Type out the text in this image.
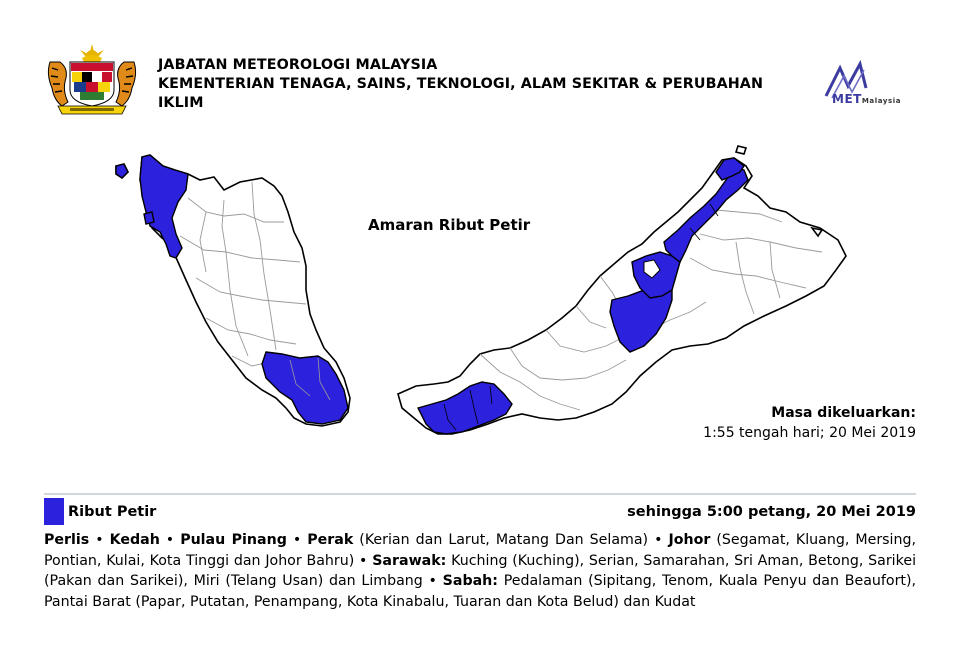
JABATAN METEOROLOGI MALAYSIA
KEMENTERIAN TENAGA, SAINS, TEKNOLOGI, ALAM SEKITAR & PERUBAHAN
IKLIM	METMalaysia
Amaran Ribut Petir
Masa dikeluarkan:
1:55 tengah hari; 20 Mei 2019
Ribut Petir	sehingga 5:00 petang, 20 Mei 2019
Perlis • Kedah • Pulau Pinang • Perak (Kerian dan Larut, Matang Dan Selama) • Johor (Segamat, Kluang, Mersing, Pontian, Kulai, Kota Tinggi dan Johor Bahru) • Sarawak: Kuching (Kuching), Serian, Samarahan, Sri Aman, Betong, Sarikei (Pakan dan Sarikei), Miri (Telang Usan) dan Limbang • Sabah: Pedalaman (Sipitang, Tenom, Kuala Penyu dan Beaufort), Pantai Barat (Papar, Putatan, Penampang, Kota Kinabalu, Tuaran dan Kota Belud) dan Kudat
